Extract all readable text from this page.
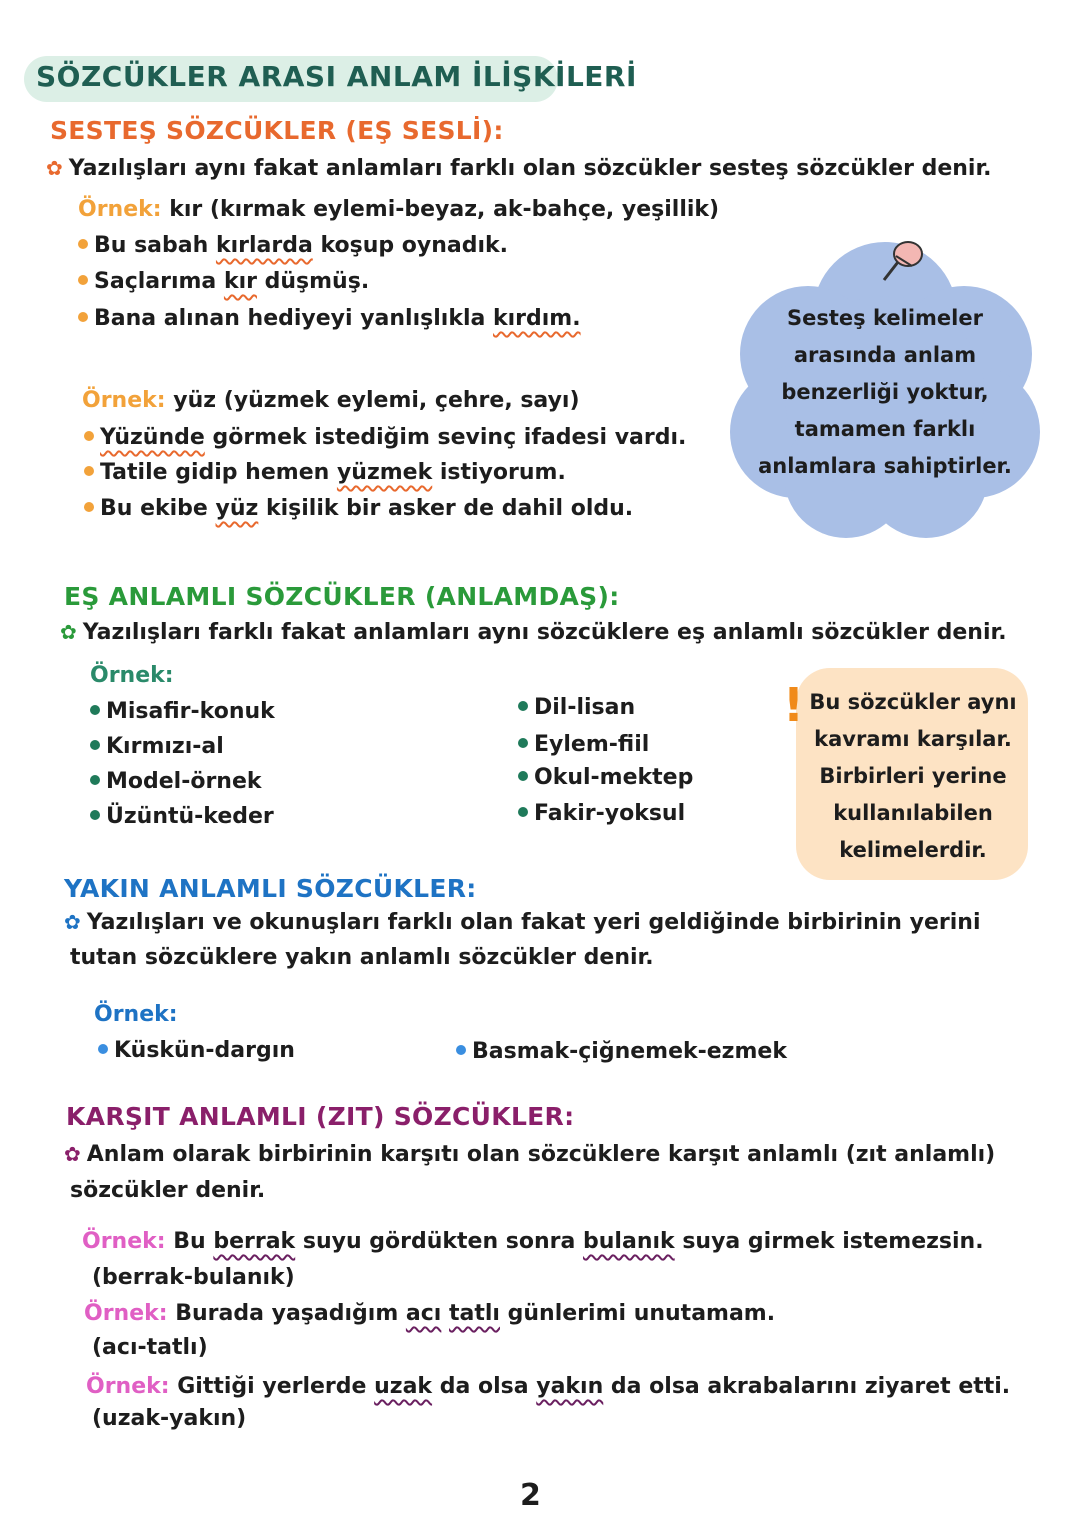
SÖZCÜKLER ARASI ANLAM İLİŞKİLERİ
SESTEŞ SÖZCÜKLER (EŞ SESLİ):
✿ Yazılışları aynı fakat anlamları farklı olan sözcükler sesteş sözcükler denir.
Örnek: kır (kırmak eylemi-beyaz, ak-bahçe, yeşillik)
Bu sabah kırlarda koşup oynadık.
Saçlarıma kır düşmüş.
Bana alınan hediyeyi yanlışlıkla kırdım.
Örnek: yüz (yüzmek eylemi, çehre, sayı)
Yüzünde görmek istediğim sevinç ifadesi vardı.
Tatile gidip hemen yüzmek istiyorum.
Bu ekibe yüz kişilik bir asker de dahil oldu.
Sesteş kelimeler
arasında anlam
benzerliği yoktur,
tamamen farklı
anlamlara sahiptirler.
EŞ ANLAMLI SÖZCÜKLER (ANLAMDAŞ):
✿ Yazılışları farklı fakat anlamları aynı sözcüklere eş anlamlı sözcükler denir.
Örnek:
Misafir-konuk
Kırmızı-al
Model-örnek
Üzüntü-keder
Dil-lisan
Eylem-fiil
Okul-mektep
Fakir-yoksul
! Bu sözcükler aynı
kavramı karşılar.
Birbirleri yerine
kullanılabilen
kelimelerdir.
YAKIN ANLAMLI SÖZCÜKLER:
✿ Yazılışları ve okunuşları farklı olan fakat yeri geldiğinde birbirinin yerini
tutan sözcüklere yakın anlamlı sözcükler denir.
Örnek:
Küskün-dargın	Basmak-çiğnemek-ezmek
KARŞIT ANLAMLI (ZIT) SÖZCÜKLER:
✿ Anlam olarak birbirinin karşıtı olan sözcüklere karşıt anlamlı (zıt anlamlı)
sözcükler denir.
Örnek: Bu berrak suyu gördükten sonra bulanık suya girmek istemezsin.
(berrak-bulanık)
Örnek: Burada yaşadığım acı tatlı günlerimi unutamam.
(acı-tatlı)
Örnek: Gittiği yerlerde uzak da olsa yakın da olsa akrabalarını ziyaret etti.
(uzak-yakın)
2
